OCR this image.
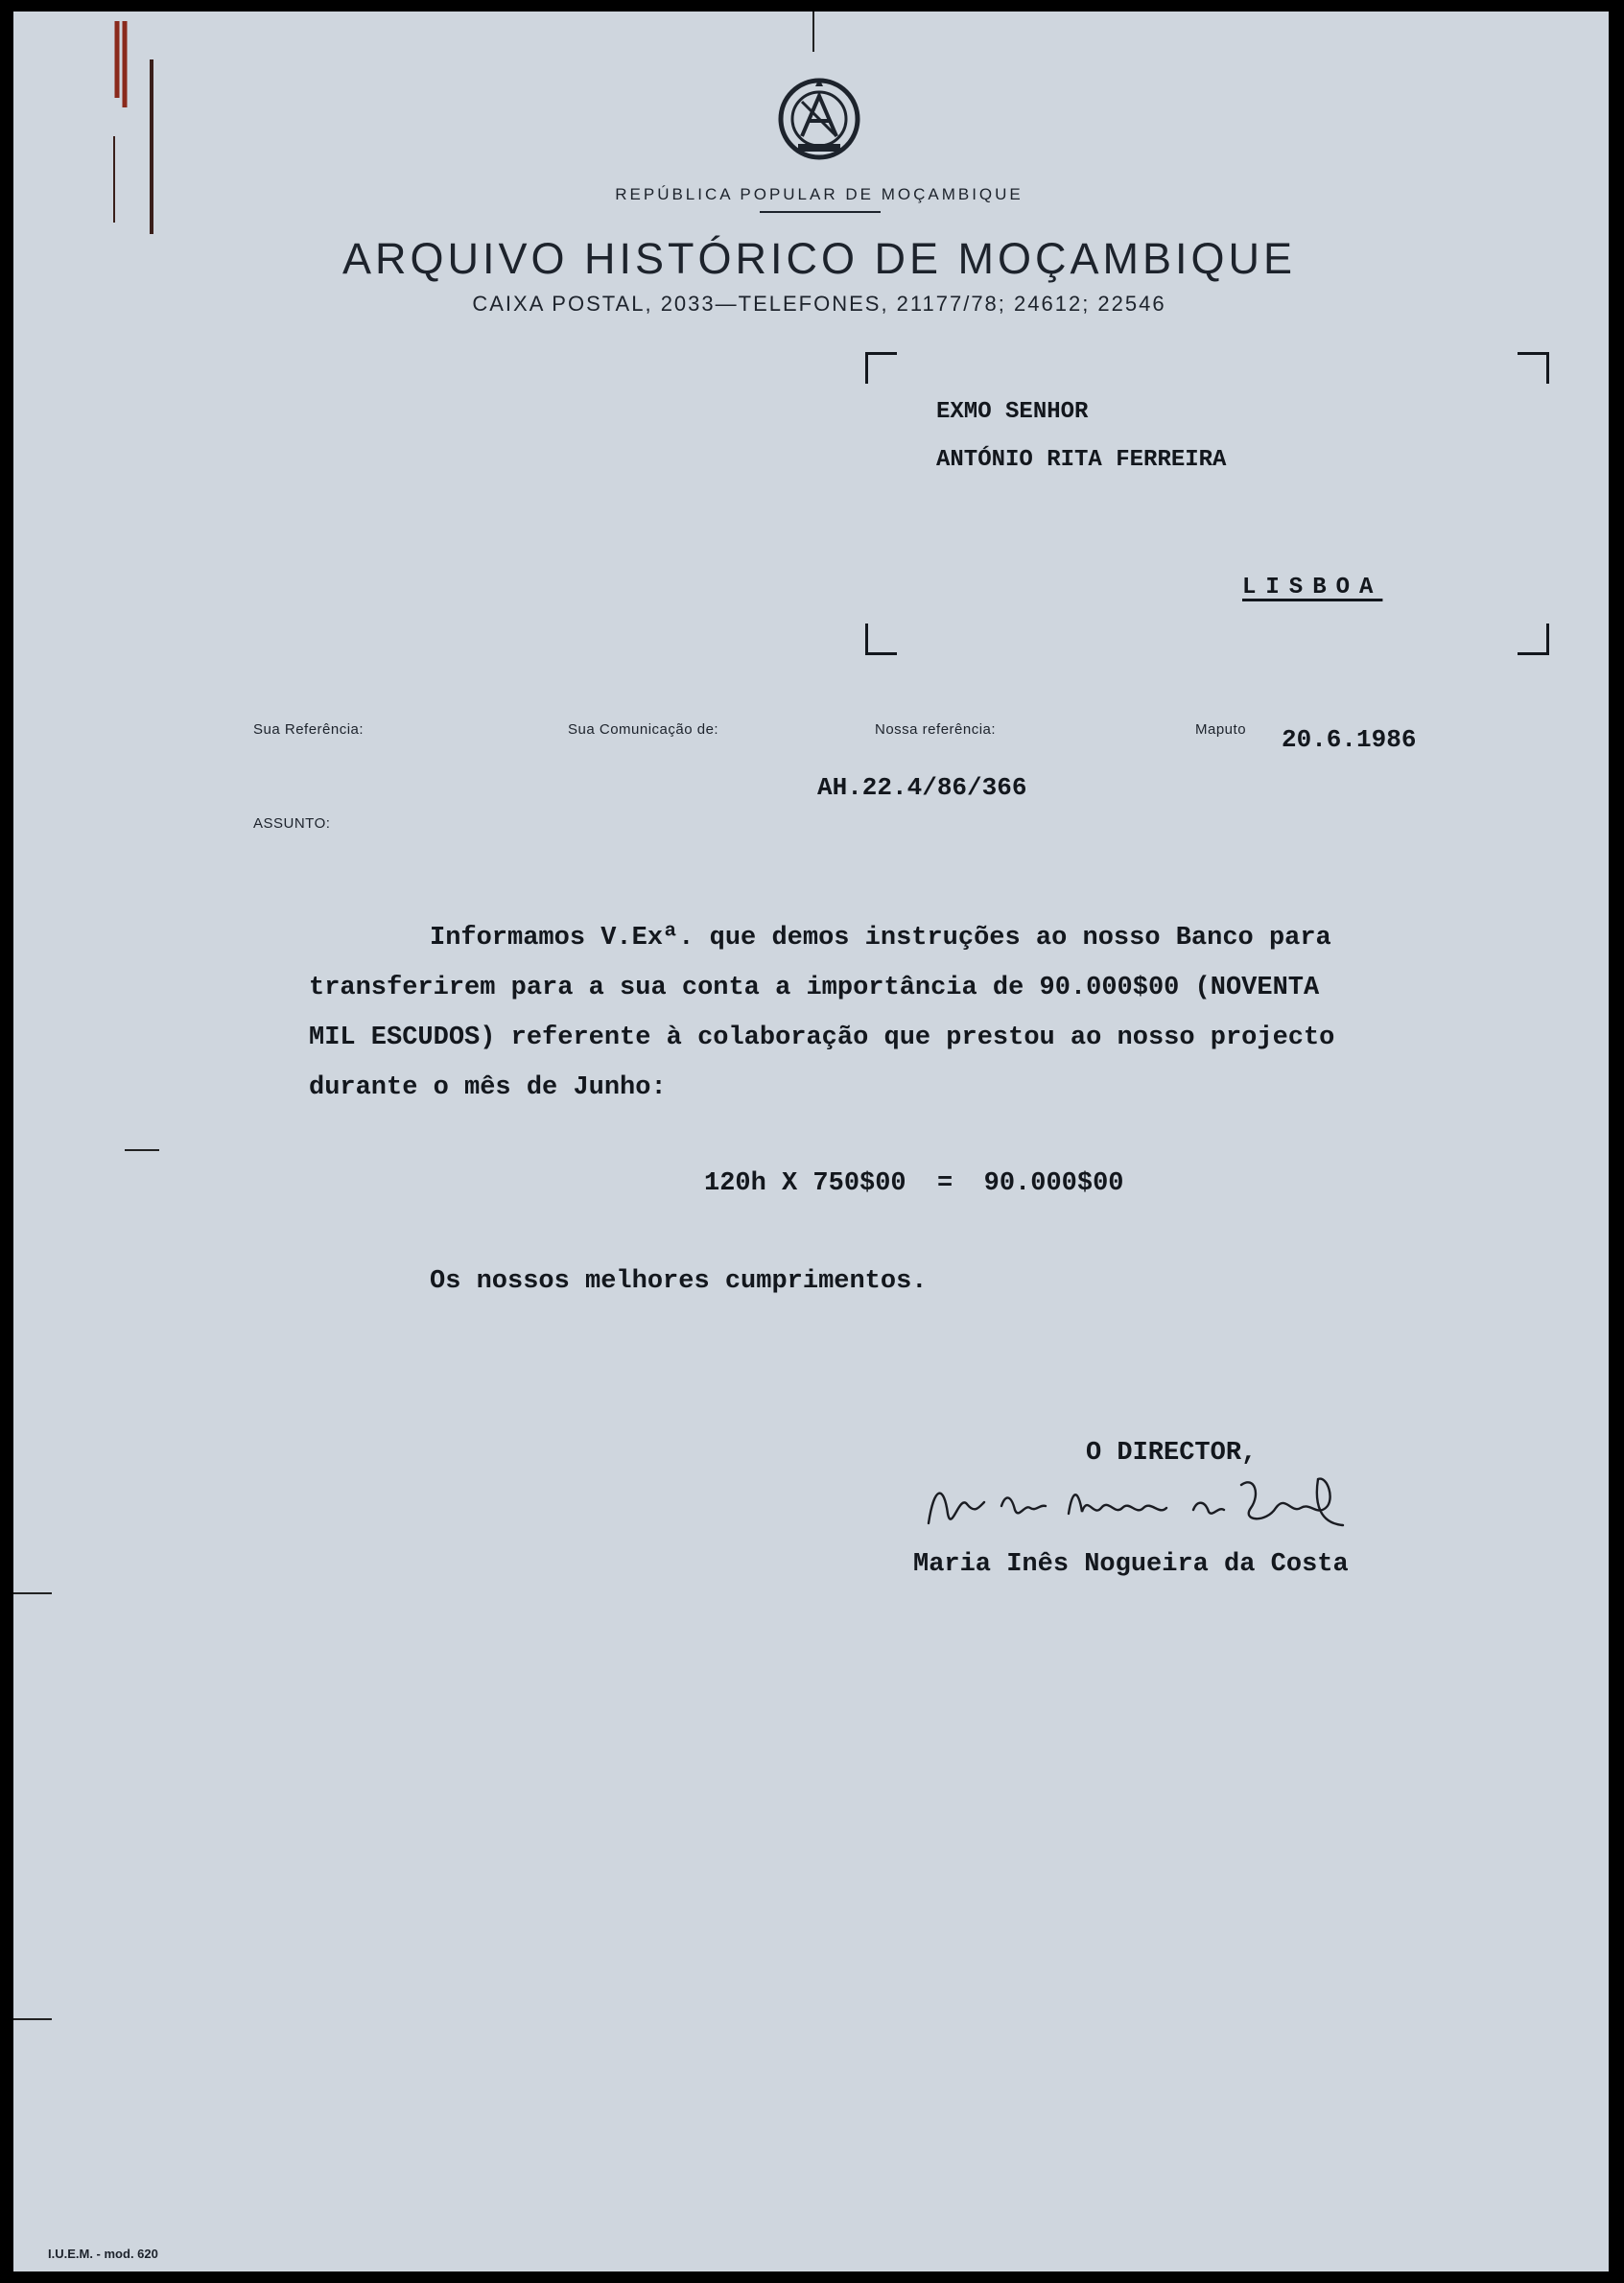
REPÚBLICA POPULAR DE MOÇAMBIQUE
ARQUIVO HISTÓRICO DE MOÇAMBIQUE
CAIXA POSTAL, 2033—TELEFONES, 21177/78; 24612; 22546
EXMO SENHOR
ANTÓNIO RITA FERREIRA
LISBOA
Sua Referência:	Sua Comunicação de:	Nossa referência:	Maputo 20.6.1986
AH.22.4/86/366
ASSUNTO:
Informamos V.Exª. que demos instruções ao nosso Banco para
transferirem para a sua conta a importância de 90.000$00 (NOVENTA
MIL ESCUDOS) referente à colaboração que prestou ao nosso projecto
durante o mês de Junho:
120h X 750$00  =  90.000$00
Os nossos melhores cumprimentos.
O DIRECTOR,
Maria Inês Nogueira da Costa
I.U.E.M. - mod. 620
